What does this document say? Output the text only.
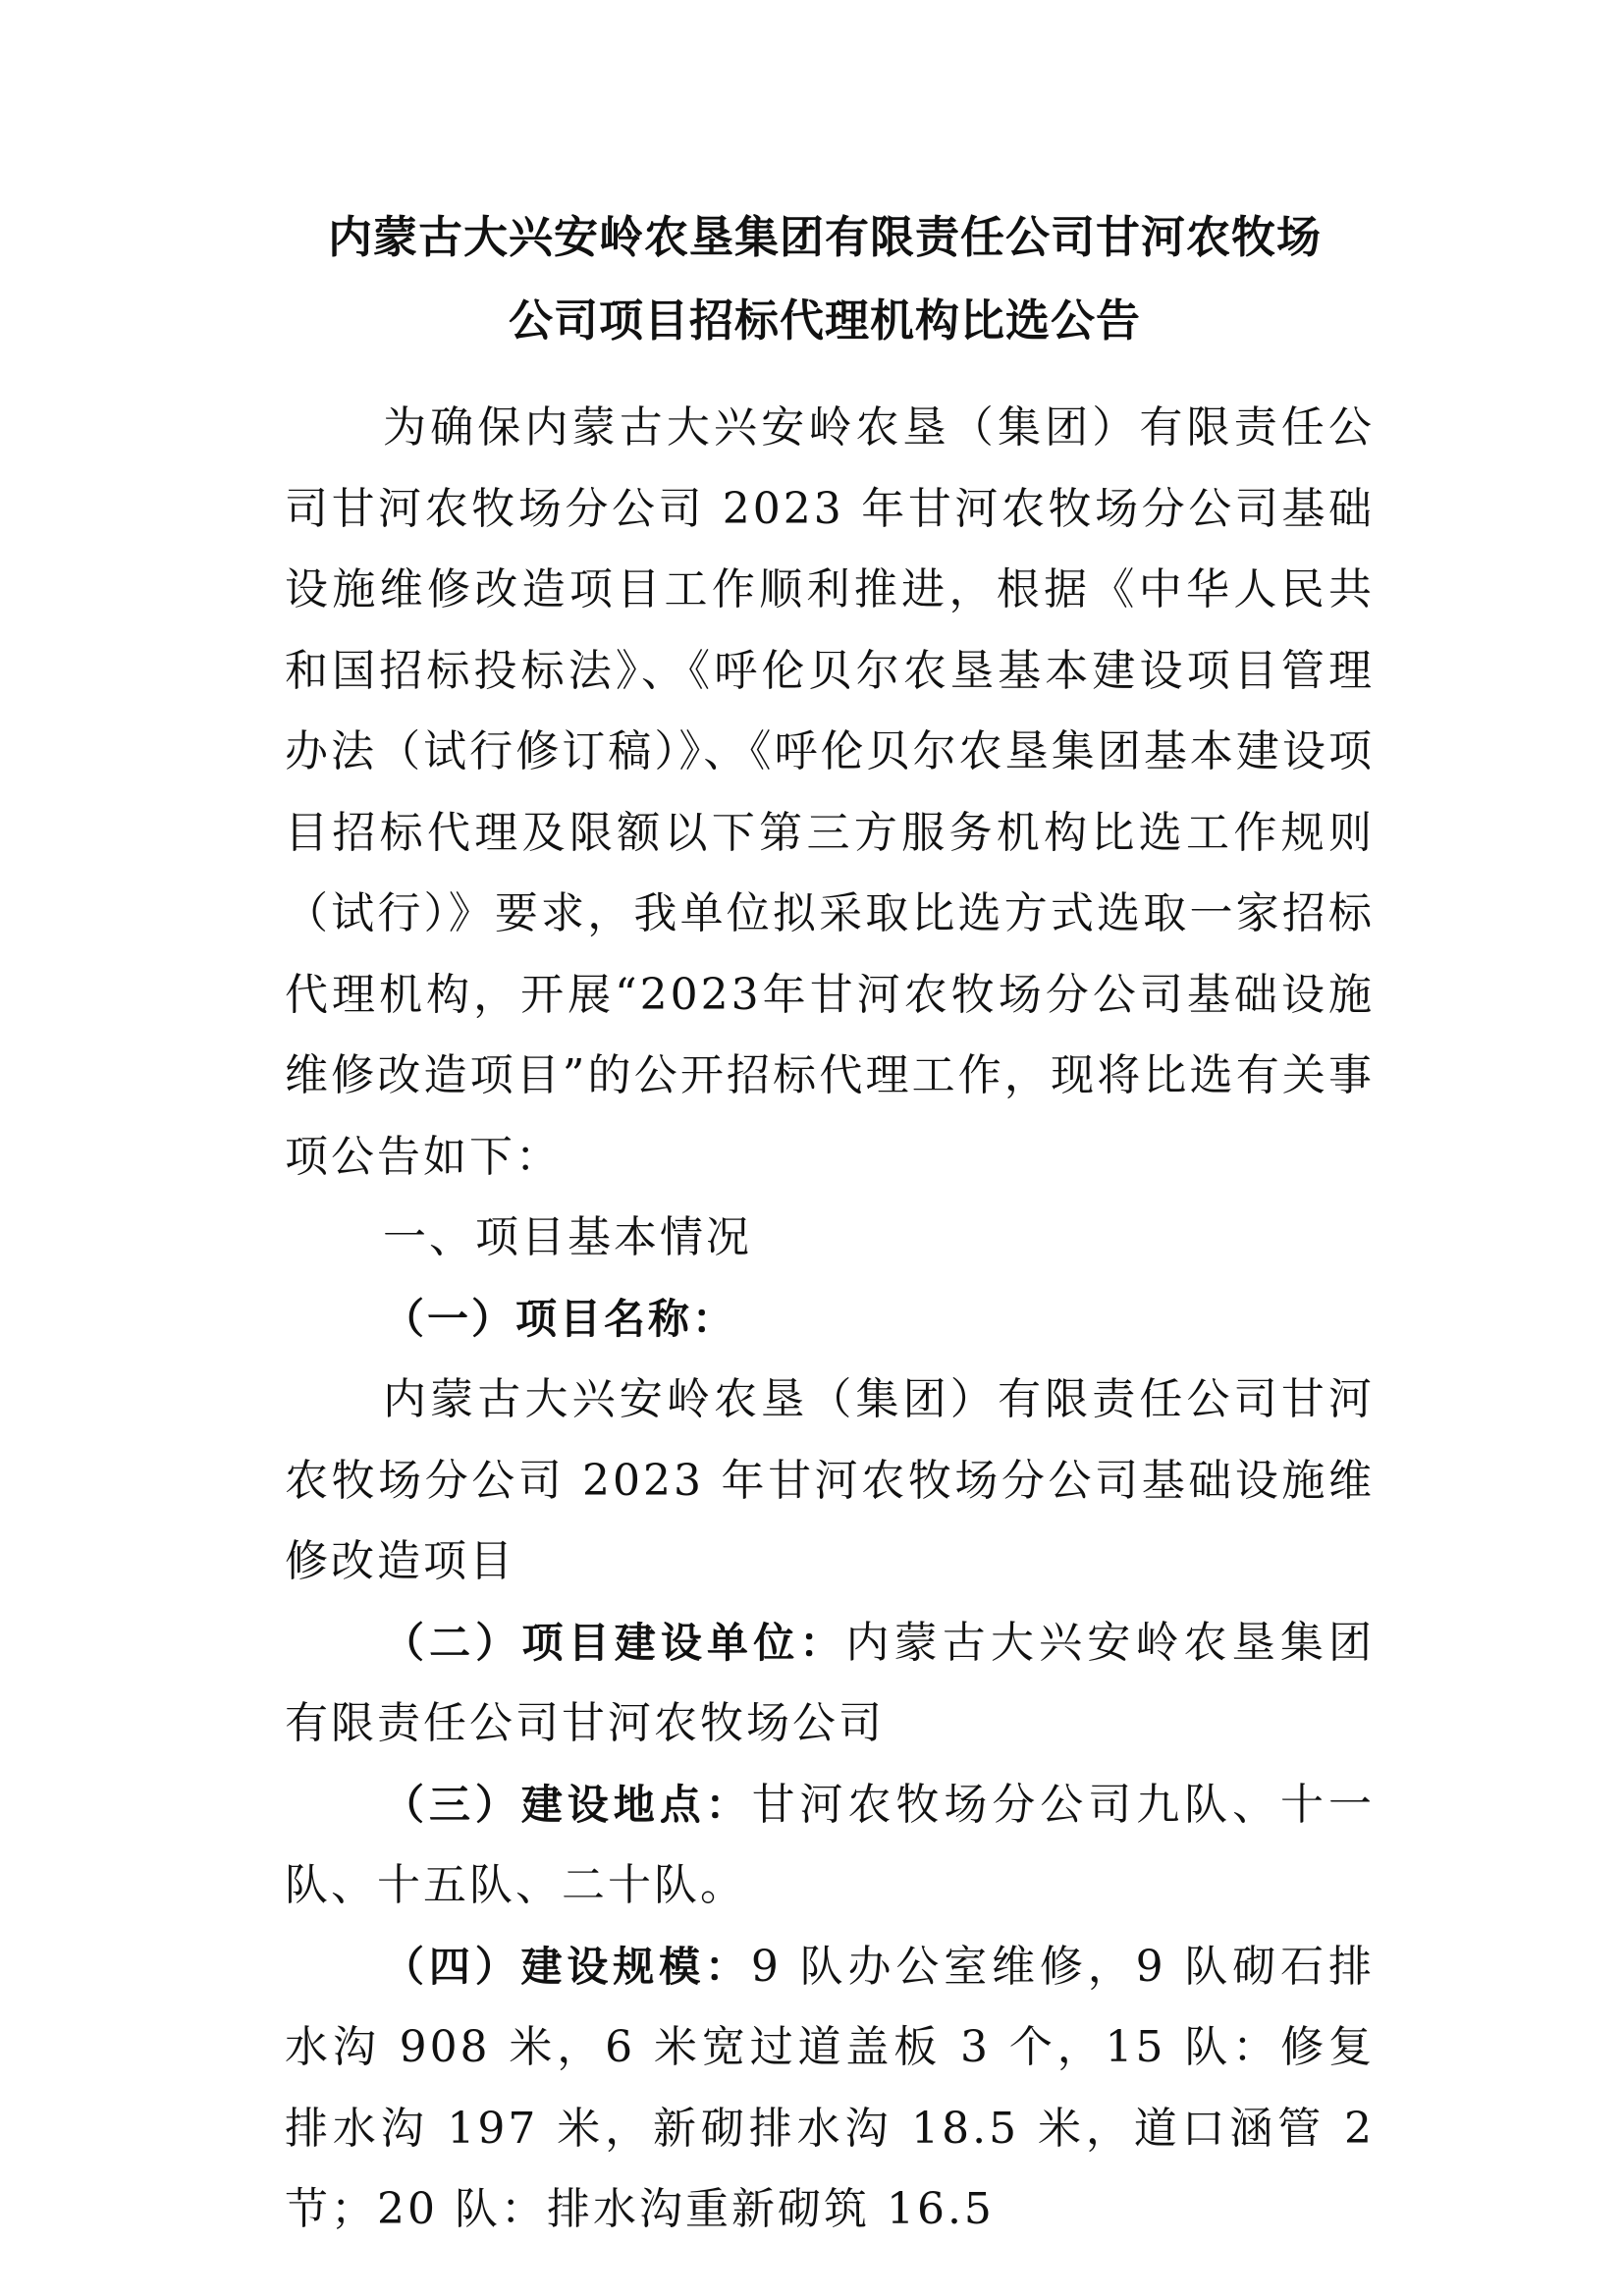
内蒙古大兴安岭农垦集团有限责任公司甘河农牧场
公司项目招标代理机构比选公告

为确保内蒙古大兴安岭农垦（集团）有限责任公司甘河农牧场分公司 2023 年甘河农牧场分公司基础设施维修改造项目工作顺利推进，根据《中华人民共和国招标投标法》、《呼伦贝尔农垦基本建设项目管理办法（试行修订稿）》、《呼伦贝尔农垦集团基本建设项目招标代理及限额以下第三方服务机构比选工作规则（试行）》要求，我单位拟采取比选方式选取一家招标代理机构，开展“2023年甘河农牧场分公司基础设施维修改造项目”的公开招标代理工作，现将比选有关事项公告如下：

一、项目基本情况

（一）项目名称：

内蒙古大兴安岭农垦（集团）有限责任公司甘河农牧场分公司 2023 年甘河农牧场分公司基础设施维修改造项目

（二）项目建设单位：内蒙古大兴安岭农垦集团有限责任公司甘河农牧场公司

（三）建设地点：甘河农牧场分公司九队、十一队、十五队、二十队。

（四）建设规模：9 队办公室维修，9 队砌石排水沟 908 米，6 米宽过道盖板 3 个，15 队：修复排水沟 197 米，新砌排水沟 18.5 米，道口涵管 2 节；20 队：排水沟重新砌筑 16.5
